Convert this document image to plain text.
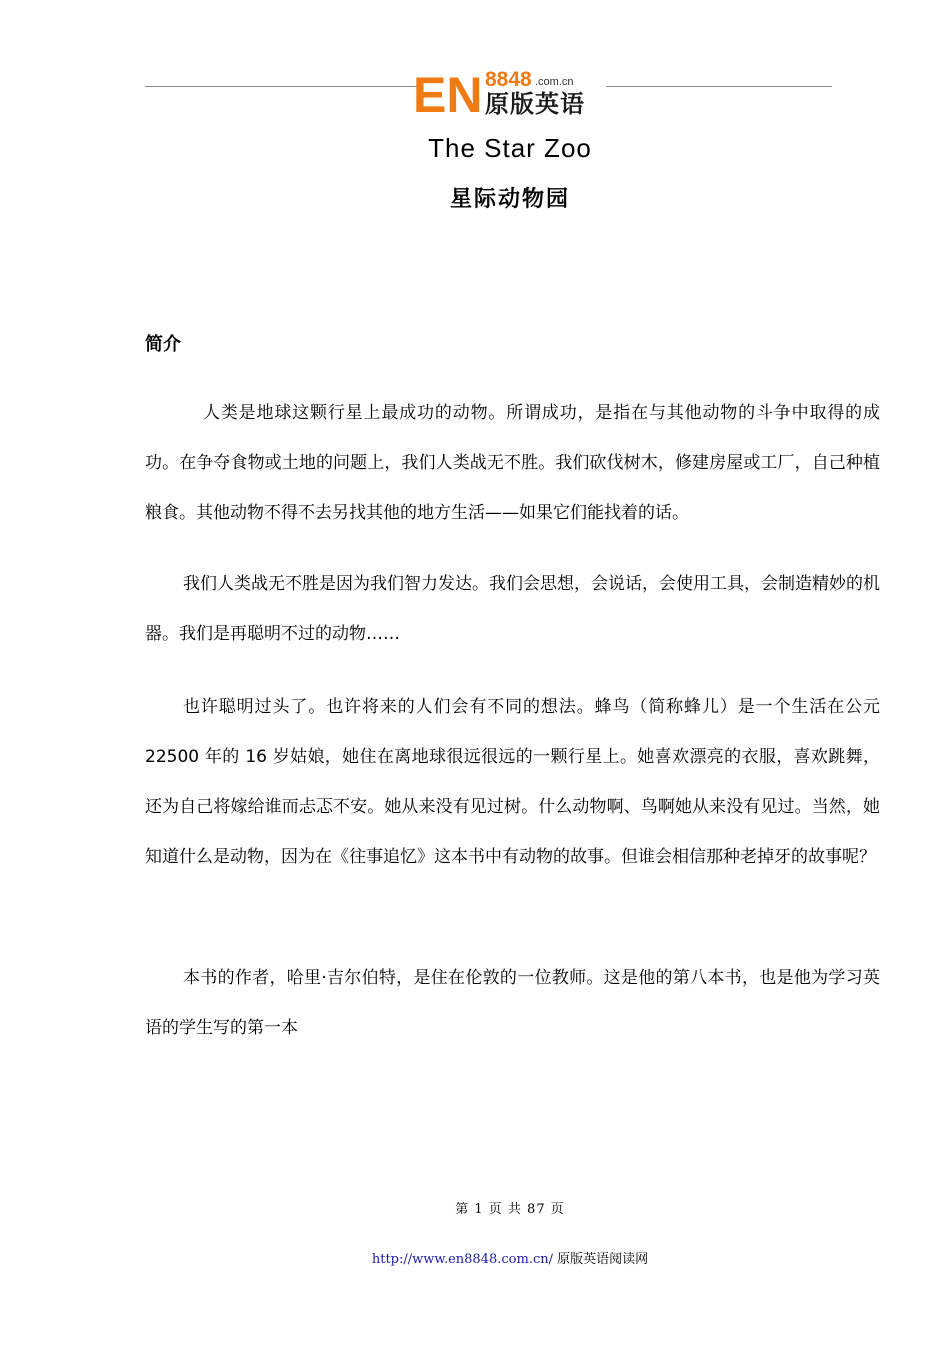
EN 8848 .com.cn
原版英语
The Star Zoo
星际动物园
简介

人类是地球这颗行星上最成功的动物。所谓成功，是指在与其他动物的斗争中取得的成功。在争夺食物或土地的问题上，我们人类战无不胜。我们砍伐树木，修建房屋或工厂，自己种植粮食。其他动物不得不去另找其他的地方生活——如果它们能找着的话。

我们人类战无不胜是因为我们智力发达。我们会思想，会说话，会使用工具，会制造精妙的机器。我们是再聪明不过的动物……

也许聪明过头了。也许将来的人们会有不同的想法。蜂鸟（简称蜂儿）是一个生活在公元 22500 年的 16 岁姑娘，她住在离地球很远很远的一颗行星上。她喜欢漂亮的衣服，喜欢跳舞，还为自己将嫁给谁而忐忑不安。她从来没有见过树。什么动物啊、鸟啊她从来没有见过。当然，她知道什么是动物，因为在《往事追忆》这本书中有动物的故事。但谁会相信那种老掉牙的故事呢？

本书的作者，哈里·吉尔伯特，是住在伦敦的一位教师。这是他的第八本书，也是他为学习英语的学生写的第一本

第 1 页 共 87 页
http://www.en8848.com.cn/ 原版英语阅读网
